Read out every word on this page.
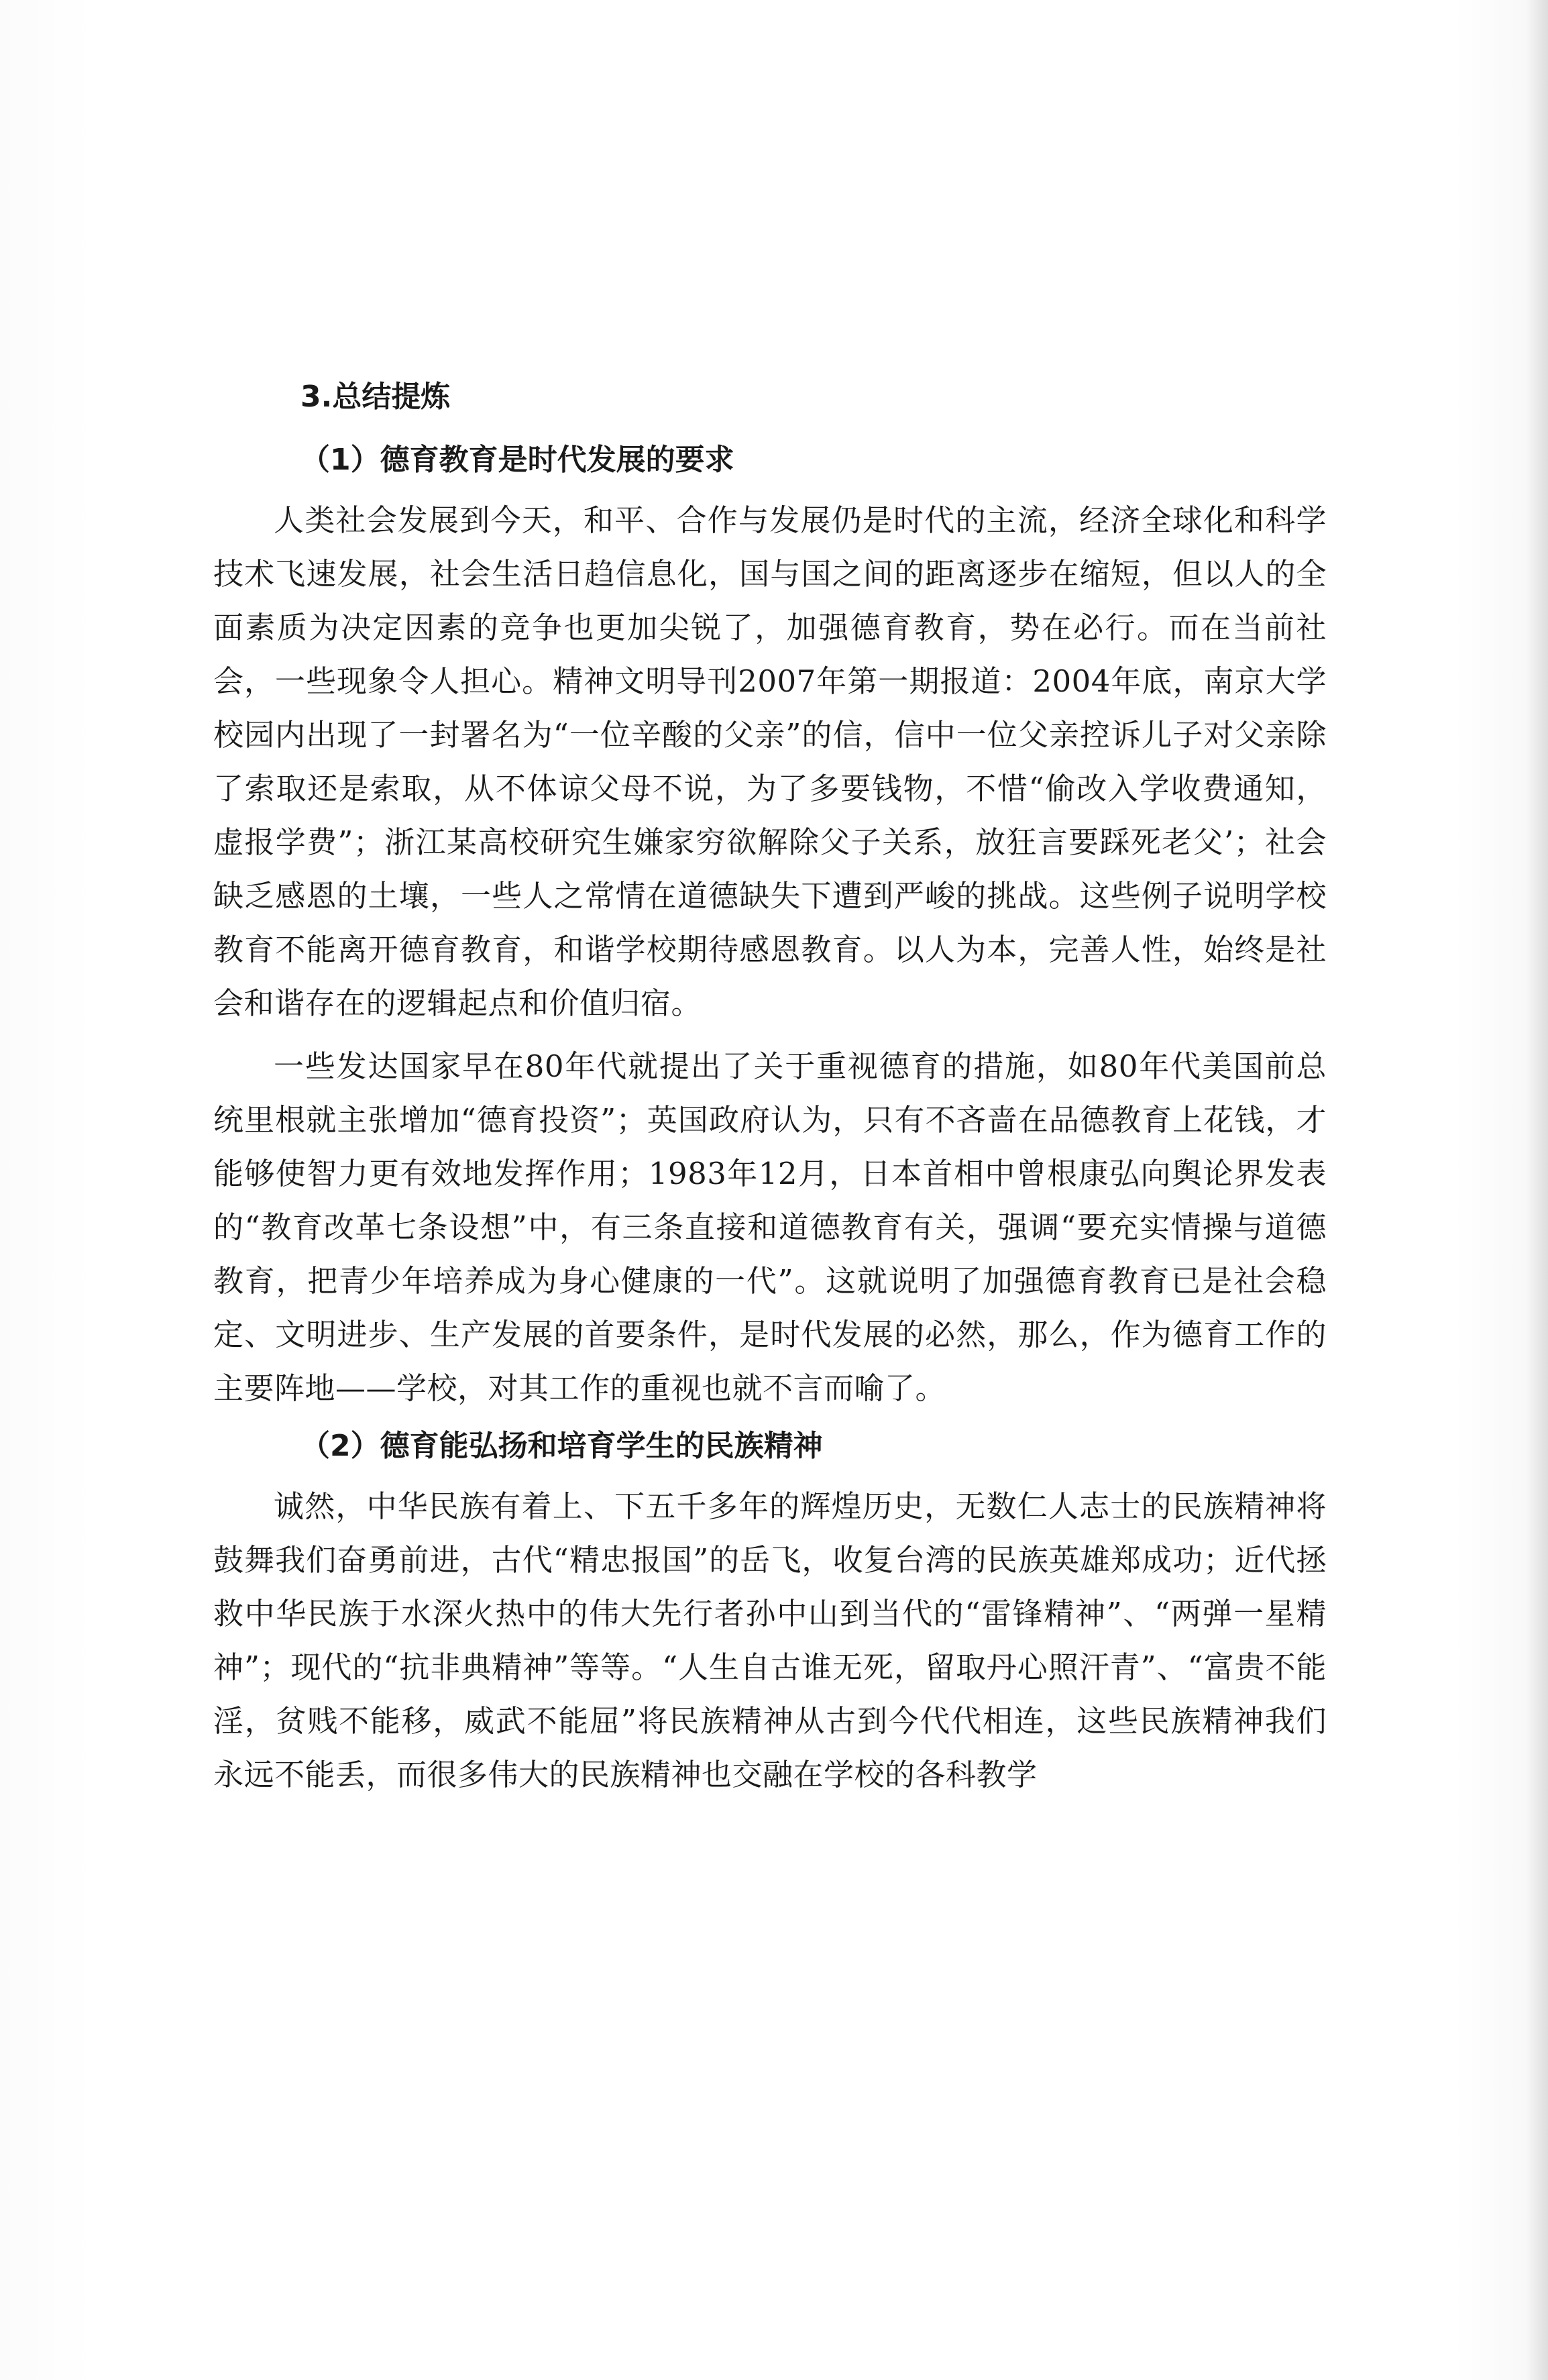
3.总结提炼
（1）德育教育是时代发展的要求

人类社会发展到今天，和平、合作与发展仍是时代的主流，经济全球化和科学技术飞速发展，社会生活日趋信息化，国与国之间的距离逐步在缩短，但以人的全面素质为决定因素的竞争也更加尖锐了，加强德育教育，势在必行。而在当前社会，一些现象令人担心。精神文明导刊2007年第一期报道：2004年底，南京大学校园内出现了一封署名为“一位辛酸的父亲”的信，信中一位父亲控诉儿子对父亲除了索取还是索取，从不体谅父母不说，为了多要钱物，不惜“偷改入学收费通知，虚报学费”；浙江某高校研究生嫌家穷欲解除父子关系，放狂言要踩死老父’；社会缺乏感恩的土壤，一些人之常情在道德缺失下遭到严峻的挑战。这些例子说明学校教育不能离开德育教育，和谐学校期待感恩教育。以人为本，完善人性，始终是社会和谐存在的逻辑起点和价值归宿。

一些发达国家早在80年代就提出了关于重视德育的措施，如80年代美国前总统里根就主张增加“德育投资”；英国政府认为，只有不吝啬在品德教育上花钱，才能够使智力更有效地发挥作用；1983年12月，日本首相中曾根康弘向舆论界发表的“教育改革七条设想”中，有三条直接和道德教育有关，强调“要充实情操与道德教育，把青少年培养成为身心健康的一代”。这就说明了加强德育教育已是社会稳定、文明进步、生产发展的首要条件，是时代发展的必然，那么，作为德育工作的主要阵地——学校，对其工作的重视也就不言而喻了。

（2）德育能弘扬和培育学生的民族精神

诚然，中华民族有着上、下五千多年的辉煌历史，无数仁人志士的民族精神将鼓舞我们奋勇前进，古代“精忠报国”的岳飞，收复台湾的民族英雄郑成功；近代拯救中华民族于水深火热中的伟大先行者孙中山到当代的“雷锋精神”、“两弹一星精神”；现代的“抗非典精神”等等。“人生自古谁无死，留取丹心照汗青”、“富贵不能淫，贫贱不能移，威武不能屈”将民族精神从古到今代代相连，这些民族精神我们永远不能丢，而很多伟大的民族精神也交融在学校的各科教学
